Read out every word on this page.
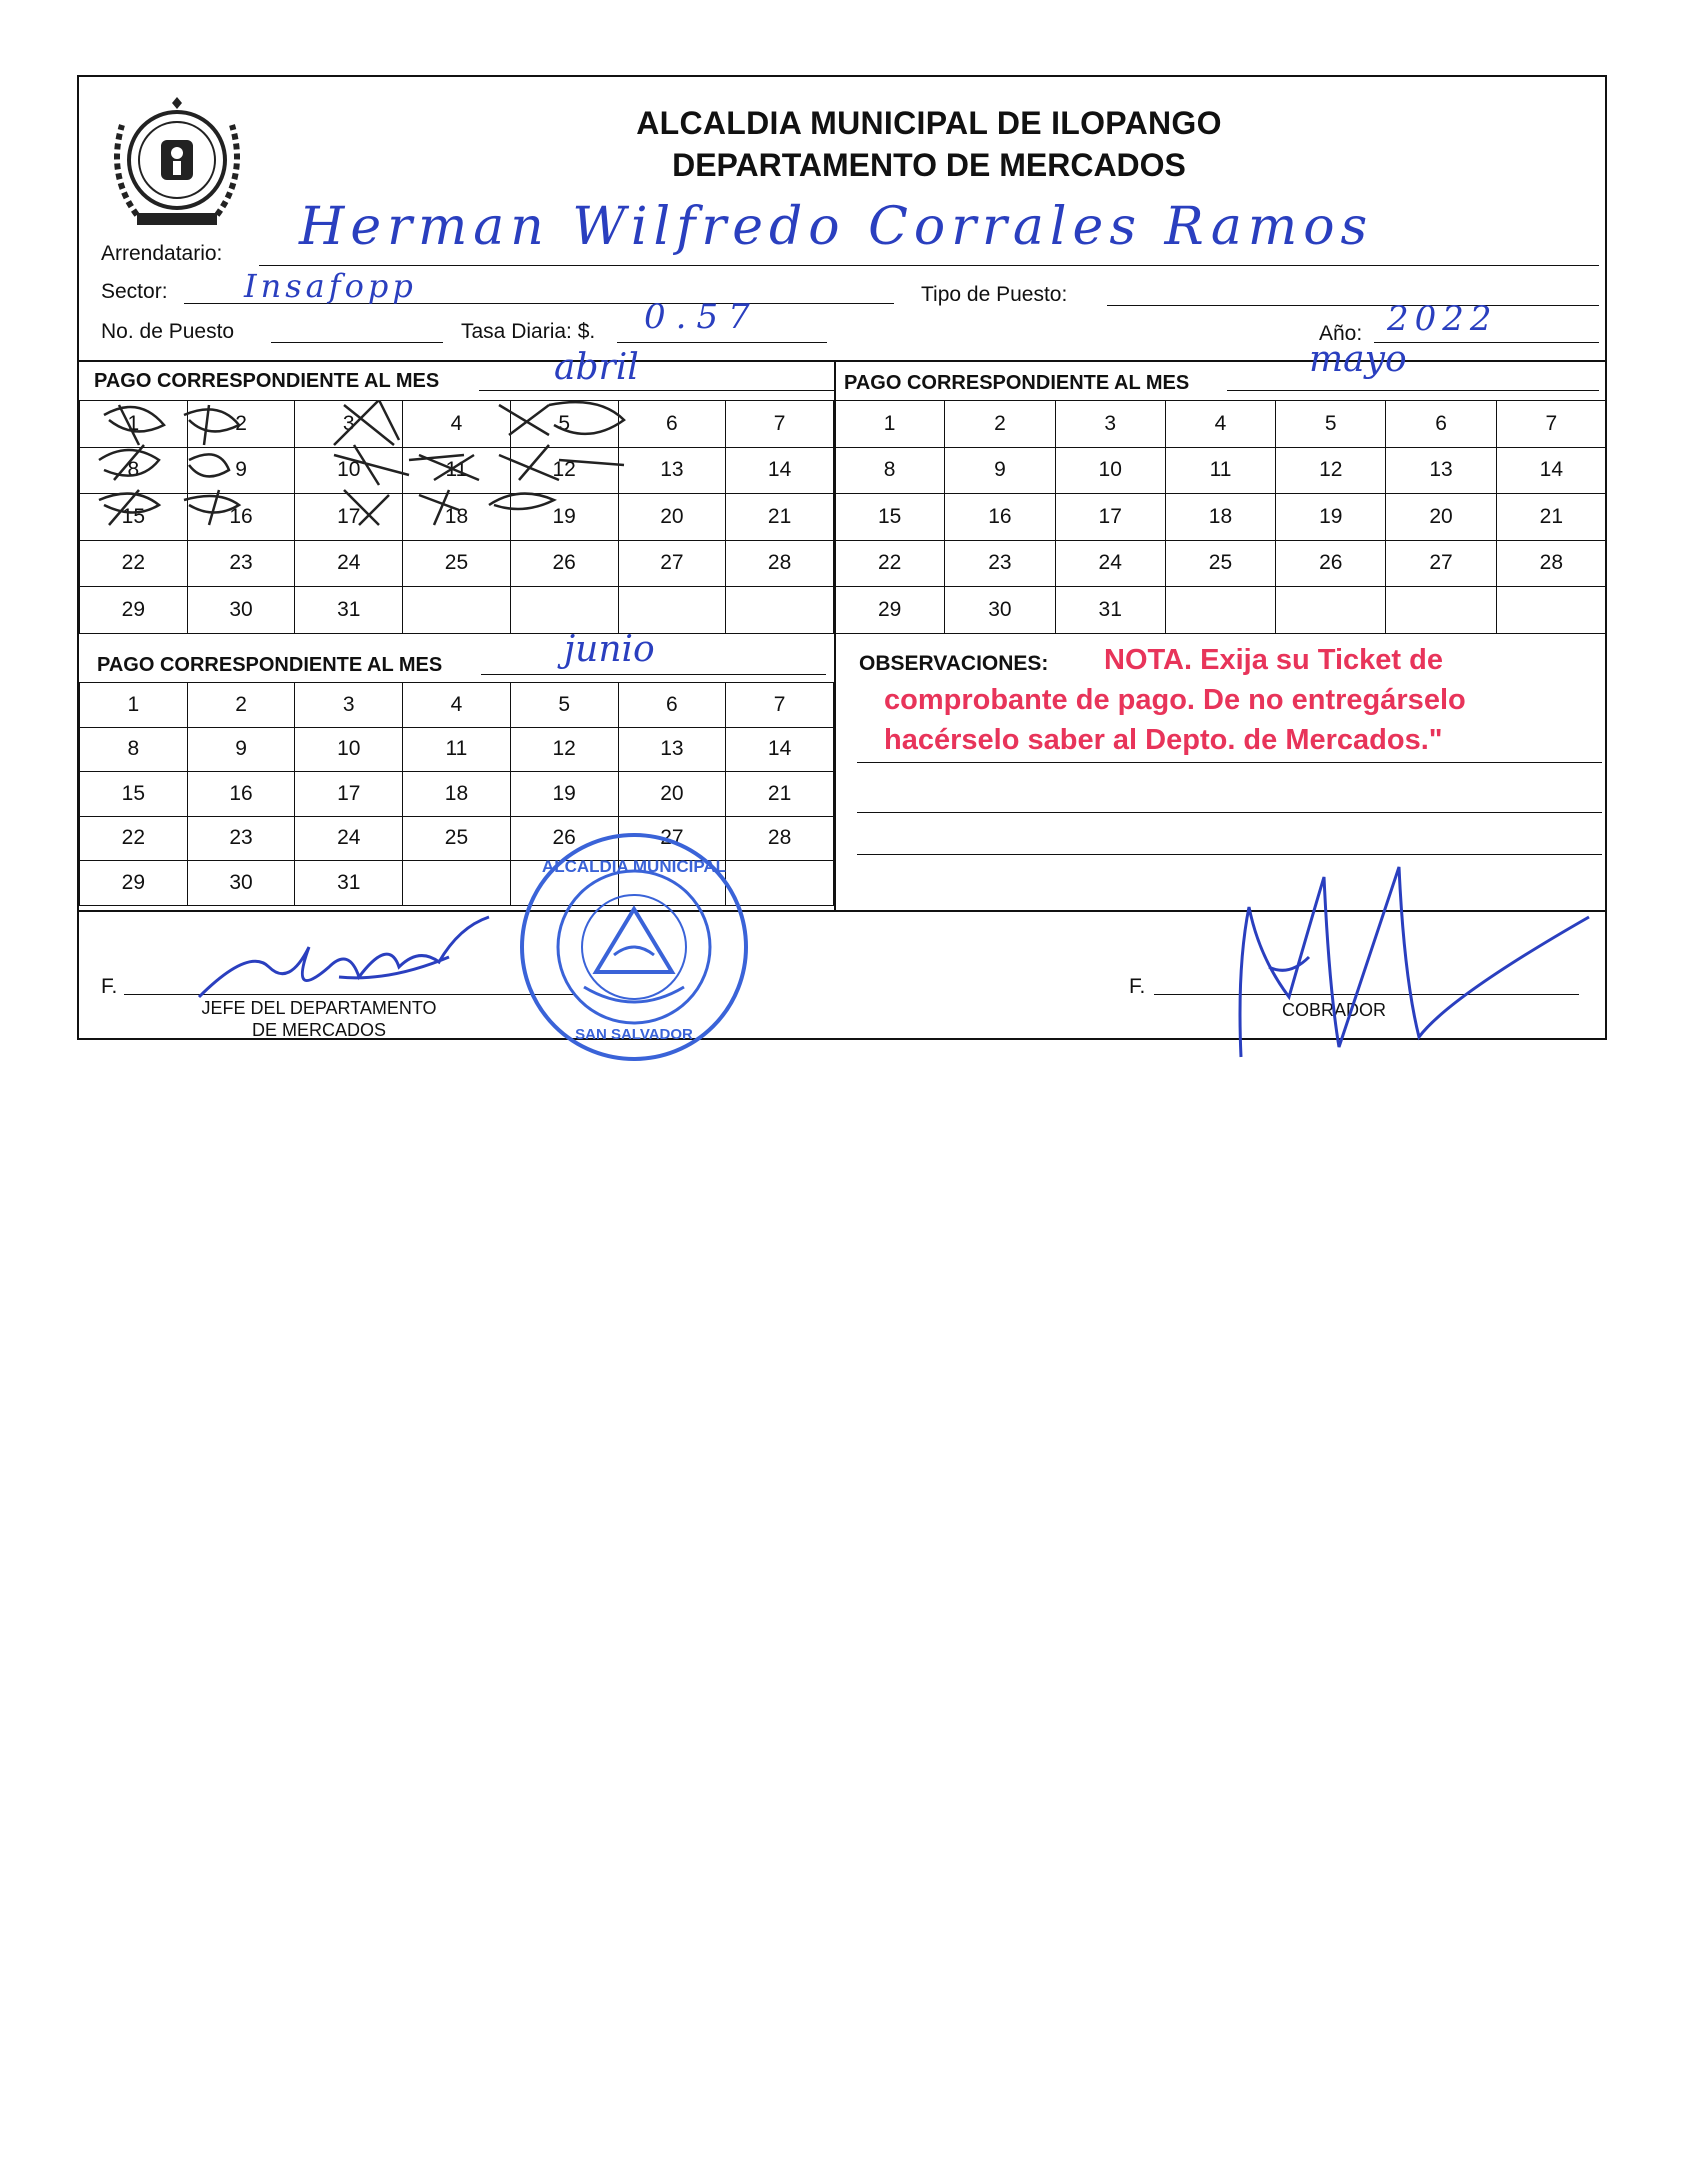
ALCALDIA MUNICIPAL DE ILOPANGO
DEPARTAMENTO DE MERCADOS
Arrendatario: Herman Wilfredo Corrales Ramos
Sector: Insafopp	Tipo de Puesto:
No. de Puesto	Tasa Diaria: $. 0.57	Año: 2022
PAGO CORRESPONDIENTE AL MES	abril
1	2	3	4	5	6	7
8	9	10	11	12	13	14
15	16	17	18	19	20	21
22	23	24	25	26	27	28
29	30	31				
PAGO CORRESPONDIENTE AL MES
mayo
1	2	3	4	5	6	7
8	9	10	11	12	13	14
15	16	17	18	19	20	21
22	23	24	25	26	27	28
29	30	31				
PAGO CORRESPONDIENTE AL MES	junio
1	2	3	4	5	6	7
8	9	10	11	12	13	14
15	16	17	18	19	20	21
22	23	24	25	26	27	28
29	30	31				
OBSERVACIONES: NOTA. Exija su Ticket de
comprobante de pago. De no entregárselo
hacérselo saber al Depto. de Mercados."
F.
JEFE DEL DEPARTAMENTO
DE MERCADOS
F.
COBRADOR
ALCALDIA MUNICIPAL
SAN SALVADOR
